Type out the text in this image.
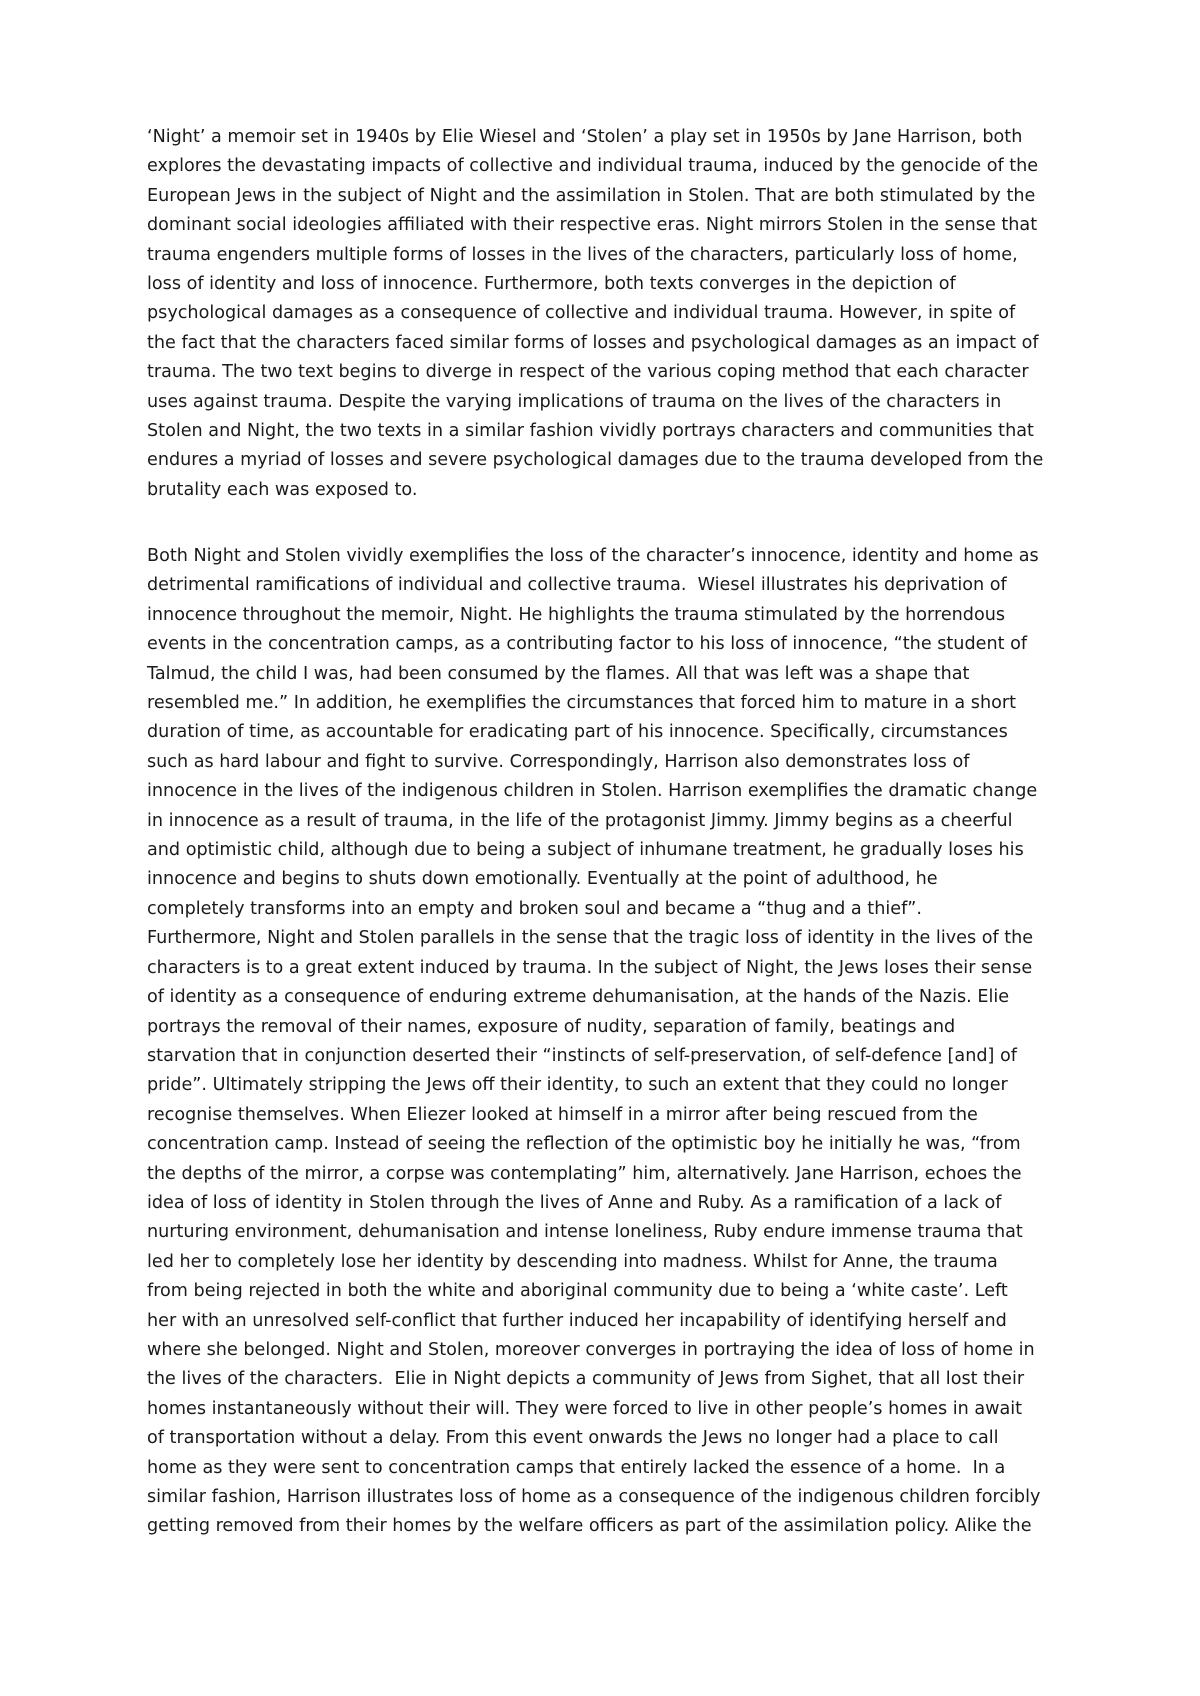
‘Night’ a memoir set in 1940s by Elie Wiesel and ‘Stolen’ a play set in 1950s by Jane Harrison, both
explores the devastating impacts of collective and individual trauma, induced by the genocide of the
European Jews in the subject of Night and the assimilation in Stolen. That are both stimulated by the
dominant social ideologies affiliated with their respective eras. Night mirrors Stolen in the sense that
trauma engenders multiple forms of losses in the lives of the characters, particularly loss of home,
loss of identity and loss of innocence. Furthermore, both texts converges in the depiction of
psychological damages as a consequence of collective and individual trauma. However, in spite of
the fact that the characters faced similar forms of losses and psychological damages as an impact of
trauma. The two text begins to diverge in respect of the various coping method that each character
uses against trauma. Despite the varying implications of trauma on the lives of the characters in
Stolen and Night, the two texts in a similar fashion vividly portrays characters and communities that
endures a myriad of losses and severe psychological damages due to the trauma developed from the
brutality each was exposed to.
Both Night and Stolen vividly exemplifies the loss of the character’s innocence, identity and home as
detrimental ramifications of individual and collective trauma.  Wiesel illustrates his deprivation of
innocence throughout the memoir, Night. He highlights the trauma stimulated by the horrendous
events in the concentration camps, as a contributing factor to his loss of innocence, “the student of
Talmud, the child I was, had been consumed by the flames. All that was left was a shape that
resembled me.” In addition, he exemplifies the circumstances that forced him to mature in a short
duration of time, as accountable for eradicating part of his innocence. Specifically, circumstances
such as hard labour and fight to survive. Correspondingly, Harrison also demonstrates loss of
innocence in the lives of the indigenous children in Stolen. Harrison exemplifies the dramatic change
in innocence as a result of trauma, in the life of the protagonist Jimmy. Jimmy begins as a cheerful
and optimistic child, although due to being a subject of inhumane treatment, he gradually loses his
innocence and begins to shuts down emotionally. Eventually at the point of adulthood, he
completely transforms into an empty and broken soul and became a “thug and a thief”.
Furthermore, Night and Stolen parallels in the sense that the tragic loss of identity in the lives of the
characters is to a great extent induced by trauma. In the subject of Night, the Jews loses their sense
of identity as a consequence of enduring extreme dehumanisation, at the hands of the Nazis. Elie
portrays the removal of their names, exposure of nudity, separation of family, beatings and
starvation that in conjunction deserted their “instincts of self-preservation, of self-defence [and] of
pride”. Ultimately stripping the Jews off their identity, to such an extent that they could no longer
recognise themselves. When Eliezer looked at himself in a mirror after being rescued from the
concentration camp. Instead of seeing the reflection of the optimistic boy he initially he was, “from
the depths of the mirror, a corpse was contemplating” him, alternatively. Jane Harrison, echoes the
idea of loss of identity in Stolen through the lives of Anne and Ruby. As a ramification of a lack of
nurturing environment, dehumanisation and intense loneliness, Ruby endure immense trauma that
led her to completely lose her identity by descending into madness. Whilst for Anne, the trauma
from being rejected in both the white and aboriginal community due to being a ‘white caste’. Left
her with an unresolved self-conflict that further induced her incapability of identifying herself and
where she belonged. Night and Stolen, moreover converges in portraying the idea of loss of home in
the lives of the characters.  Elie in Night depicts a community of Jews from Sighet, that all lost their
homes instantaneously without their will. They were forced to live in other people’s homes in await
of transportation without a delay. From this event onwards the Jews no longer had a place to call
home as they were sent to concentration camps that entirely lacked the essence of a home.  In a
similar fashion, Harrison illustrates loss of home as a consequence of the indigenous children forcibly
getting removed from their homes by the welfare officers as part of the assimilation policy. Alike the
